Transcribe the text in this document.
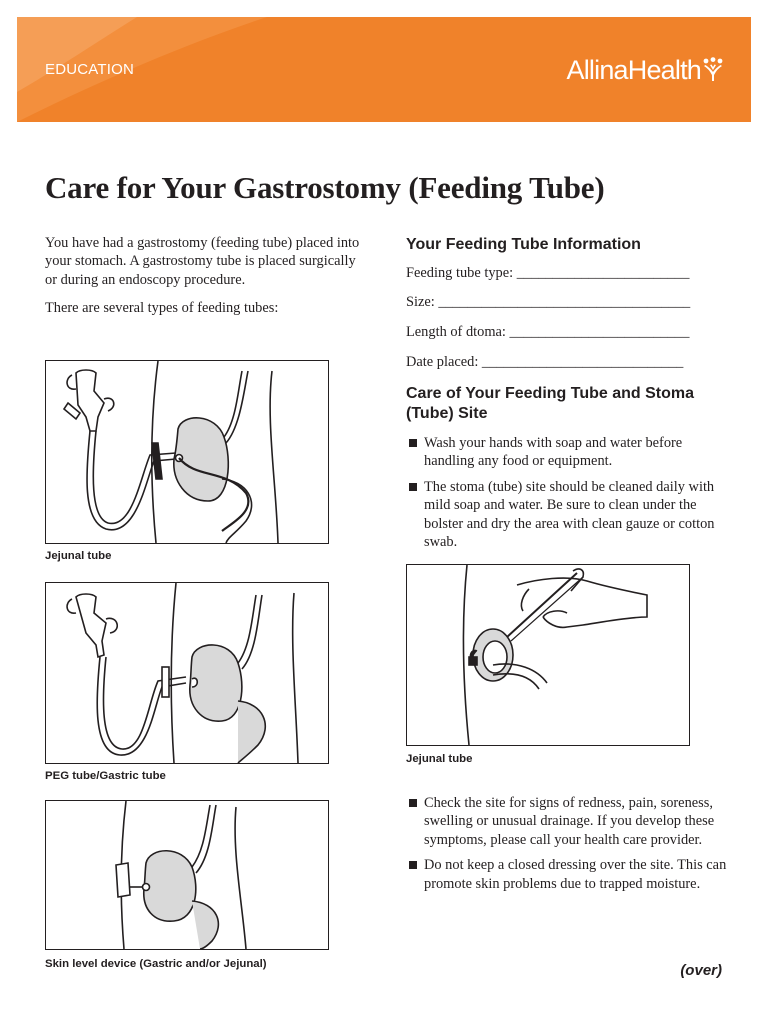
EDUCATION	AllinaHealth
Care for Your Gastrostomy (Feeding Tube)

You have had a gastrostomy (feeding tube) placed into your stomach. A gastrostomy tube is placed surgically or during an endoscopy procedure.

There are several types of feeding tubes:

Jejunal tube
PEG tube/Gastric tube
Skin level device (Gastric and/or Jejunal)
Your Feeding Tube Information
Feeding tube type: ________________________
Size: ___________________________________
Length of dtoma: _________________________
Date placed: ____________________________
Care of Your Feeding Tube and Stoma (Tube) Site
Wash your hands with soap and water before handling any food or equipment.
The stoma (tube) site should be cleaned daily with mild soap and water. Be sure to clean under the bolster and dry the area with clean gauze or cotton swab.
Jejunal tube
Check the site for signs of redness, pain, soreness, swelling or unusual drainage. If you develop these symptoms, please call your health care provider.
Do not keep a closed dressing over the site. This can promote skin problems due to trapped moisture.
(over)
